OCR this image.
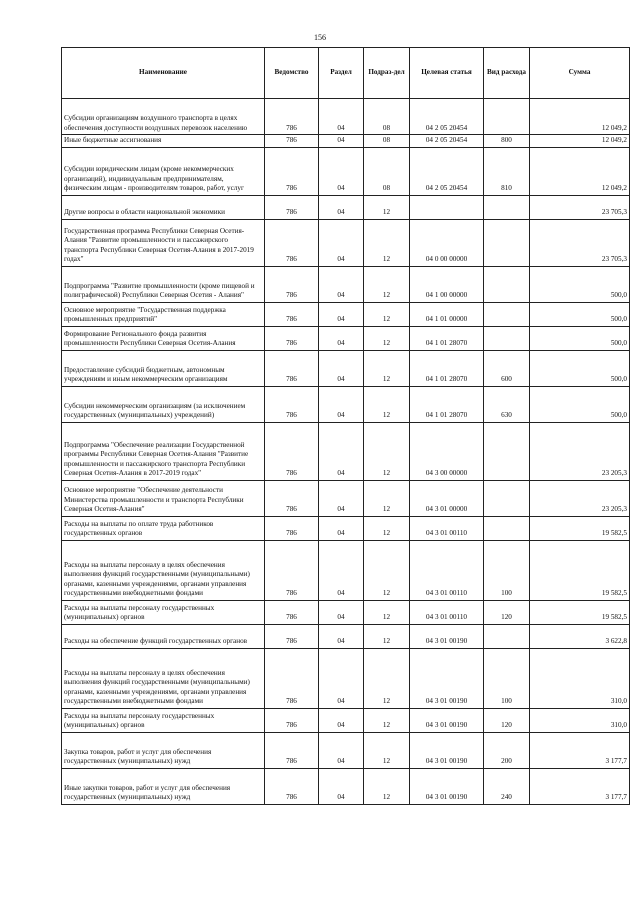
156
Наименование	Ведомство	Раздел	Подраз-дел	Целевая статья	Вид расхода	Сумма
Субсидии организациям воздушного транспорта в целях обеспечения доступности воздушных перевозок населению	786	04	08	04 2 05 20454		12 049,2
Иные бюджетные ассигнования	786	04	08	04 2 05 20454	800	12 049,2
Субсидии юридическим лицам (кроме некоммерческих организаций), индивидуальным предпринимателям, физическим лицам - производителям товаров, работ, услуг	786	04	08	04 2 05 20454	810	12 049,2
Другие вопросы в области национальной экономики	786	04	12			23 705,3
Государственная программа Республики Северная Осетия-Алания "Развитие промышленности и пассажирского транспорта Республики Северная Осетия-Алания в 2017-2019 годах"	786	04	12	04 0 00 00000		23 705,3
Подпрограмма "Развитие промышленности (кроме пищевой и полиграфической) Республики Северная Осетия - Алания"	786	04	12	04 1 00 00000		500,0
Основное мероприятие "Государственная поддержка промышленных предприятий"	786	04	12	04 1 01 00000		500,0
Формирование Регионального фонда развития промышленности Республики Северная Осетия-Алания	786	04	12	04 1 01 28070		500,0
Предоставление субсидий бюджетным, автономным учреждениям и иным некоммерческим организациям	786	04	12	04 1 01 28070	600	500,0
Субсидии некоммерческим организациям (за исключением государственных (муниципальных) учреждений)	786	04	12	04 1 01 28070	630	500,0
Подпрограмма "Обеспечение реализации Государственной программы Республики Северная Осетия-Алания "Развитие промышленности и пассажирского транспорта Республики Северная Осетия-Алания в 2017-2019 годах"	786	04	12	04 3 00 00000		23 205,3
Основное мероприятие "Обеспечение деятельности Министерства промышленности и транспорта Республики Северная Осетия-Алания"	786	04	12	04 3 01 00000		23 205,3
Расходы на выплаты по оплате труда работников государственных органов	786	04	12	04 3 01 00110		19 582,5
Расходы на выплаты персоналу в целях обеспечения выполнения функций государственными (муниципальными) органами, казенными учреждениями, органами управления государственными внебюджетными фондами	786	04	12	04 3 01 00110	100	19 582,5
Расходы на выплаты персоналу государственных (муниципальных) органов	786	04	12	04 3 01 00110	120	19 582,5
Расходы на обеспечение функций государственных органов	786	04	12	04 3 01 00190		3 622,8
Расходы на выплаты персоналу в целях обеспечения выполнения функций государственными (муниципальными) органами, казенными учреждениями, органами управления государственными внебюджетными фондами	786	04	12	04 3 01 00190	100	310,0
Расходы на выплаты персоналу государственных (муниципальных) органов	786	04	12	04 3 01 00190	120	310,0
Закупка товаров, работ и услуг для обеспечения государственных (муниципальных) нужд	786	04	12	04 3 01 00190	200	3 177,7
Иные закупки товаров, работ и услуг для обеспечения государственных (муниципальных) нужд	786	04	12	04 3 01 00190	240	3 177,7
